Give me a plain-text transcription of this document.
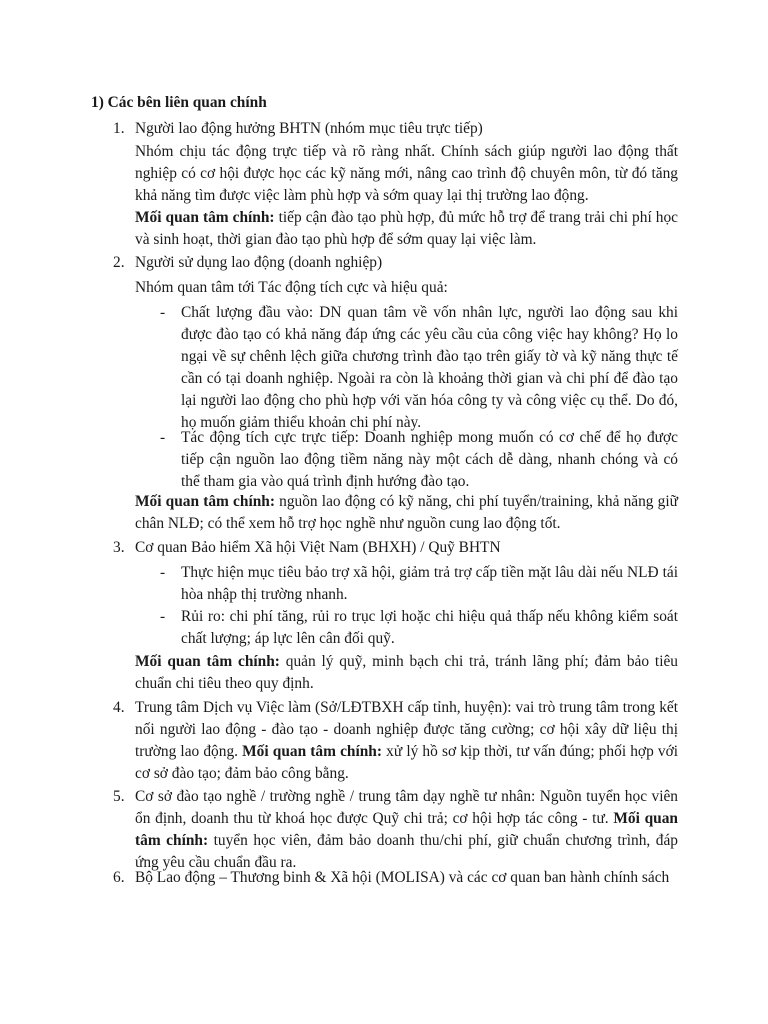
1) Các bên liên quan chính
1. Người lao động hưởng BHTN (nhóm mục tiêu trực tiếp)
Nhóm chịu tác động trực tiếp và rõ ràng nhất. Chính sách giúp người lao động thất nghiệp có cơ hội được học các kỹ năng mới, nâng cao trình độ chuyên môn, từ đó tăng khả năng tìm được việc làm phù hợp và sớm quay lại thị trường lao động.
Mối quan tâm chính: tiếp cận đào tạo phù hợp, đủ mức hỗ trợ để trang trải chi phí học và sinh hoạt, thời gian đào tạo phù hợp để sớm quay lại việc làm.
2. Người sử dụng lao động (doanh nghiệp)
Nhóm quan tâm tới Tác động tích cực và hiệu quả:
- Chất lượng đầu vào: DN quan tâm về vốn nhân lực, người lao động sau khi được đào tạo có khả năng đáp ứng các yêu cầu của công việc hay không? Họ lo ngại về sự chênh lệch giữa chương trình đào tạo trên giấy tờ và kỹ năng thực tế cần có tại doanh nghiệp. Ngoài ra còn là khoảng thời gian và chi phí để đào tạo lại người lao động cho phù hợp với văn hóa công ty và công việc cụ thể. Do đó, họ muốn giảm thiểu khoản chi phí này.
- Tác động tích cực trực tiếp: Doanh nghiệp mong muốn có cơ chế để họ được tiếp cận nguồn lao động tiềm năng này một cách dễ dàng, nhanh chóng và có thể tham gia vào quá trình định hướng đào tạo.
Mối quan tâm chính: nguồn lao động có kỹ năng, chi phí tuyển/training, khả năng giữ chân NLĐ; có thể xem hỗ trợ học nghề như nguồn cung lao động tốt.
3. Cơ quan Bảo hiểm Xã hội Việt Nam (BHXH) / Quỹ BHTN
- Thực hiện mục tiêu bảo trợ xã hội, giảm trả trợ cấp tiền mặt lâu dài nếu NLĐ tái hòa nhập thị trường nhanh.
- Rủi ro: chi phí tăng, rủi ro trục lợi hoặc chi hiệu quả thấp nếu không kiểm soát chất lượng; áp lực lên cân đối quỹ.
Mối quan tâm chính: quản lý quỹ, minh bạch chi trả, tránh lãng phí; đảm bảo tiêu chuẩn chi tiêu theo quy định.
4. Trung tâm Dịch vụ Việc làm (Sở/LĐTBXH cấp tỉnh, huyện): vai trò trung tâm trong kết nối người lao động - đào tạo - doanh nghiệp được tăng cường; cơ hội xây dữ liệu thị trường lao động. Mối quan tâm chính: xử lý hồ sơ kịp thời, tư vấn đúng; phối hợp với cơ sở đào tạo; đảm bảo công bằng.
5. Cơ sở đào tạo nghề / trường nghề / trung tâm dạy nghề tư nhân: Nguồn tuyển học viên ổn định, doanh thu từ khoá học được Quỹ chi trả; cơ hội hợp tác công - tư. Mối quan tâm chính: tuyển học viên, đảm bảo doanh thu/chi phí, giữ chuẩn chương trình, đáp ứng yêu cầu chuẩn đầu ra.
6. Bộ Lao động – Thương binh & Xã hội (MOLISA) và các cơ quan ban hành chính sách
